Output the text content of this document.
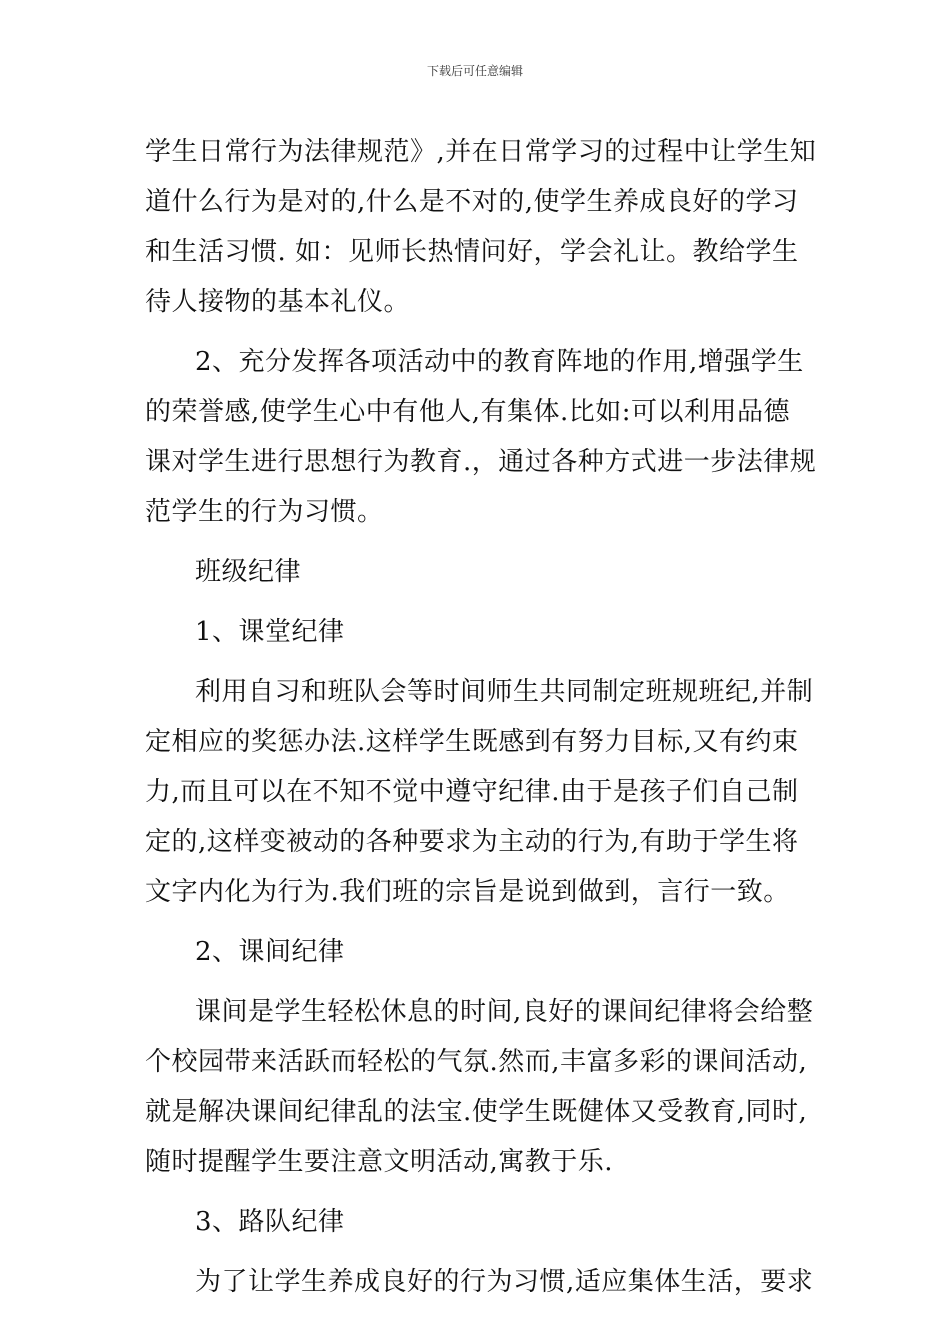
下载后可任意编辑
学生日常行为法律规范》,并在日常学习的过程中让学生知
道什么行为是对的,什么是不对的,使学生养成良好的学习
和生活习惯. 如：见师长热情问好，学会礼让。教给学生
待人接物的基本礼仪。
2、充分发挥各项活动中的教育阵地的作用,增强学生
的荣誉感,使学生心中有他人,有集体.比如:可以利用品德
课对学生进行思想行为教育.，通过各种方式进一步法律规
范学生的行为习惯。
班级纪律
1、课堂纪律
利用自习和班队会等时间师生共同制定班规班纪,并制
定相应的奖惩办法.这样学生既感到有努力目标,又有约束
力,而且可以在不知不觉中遵守纪律.由于是孩子们自己制
定的,这样变被动的各种要求为主动的行为,有助于学生将
文字内化为行为.我们班的宗旨是说到做到，言行一致。
2、课间纪律
课间是学生轻松休息的时间,良好的课间纪律将会给整
个校园带来活跃而轻松的气氛.然而,丰富多彩的课间活动,
就是解决课间纪律乱的法宝.使学生既健体又受教育,同时,
随时提醒学生要注意文明活动,寓教于乐.
3、路队纪律
为了让学生养成良好的行为习惯,适应集体生活，要求
